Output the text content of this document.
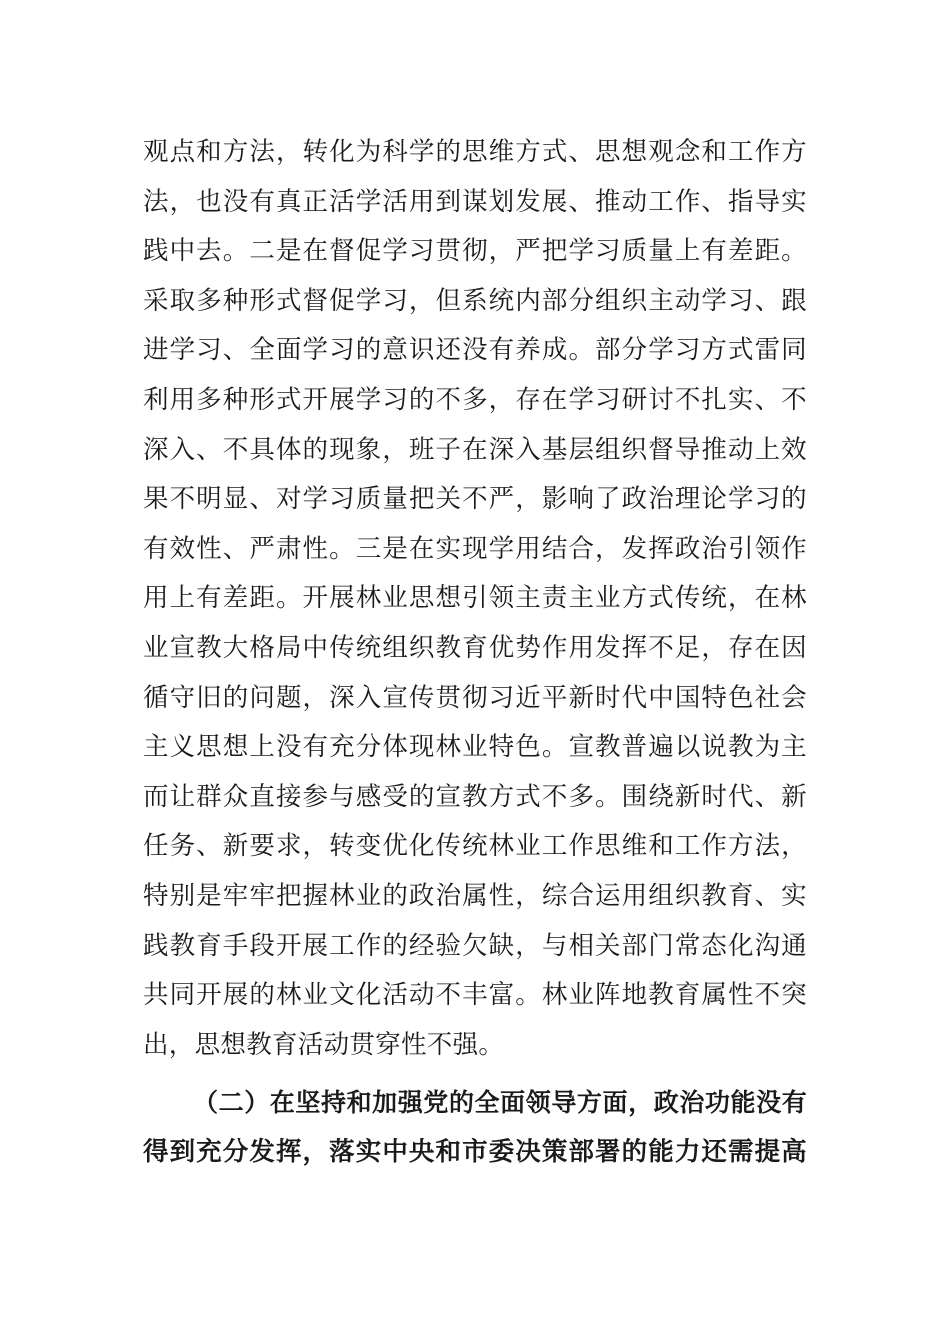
观点和方法，转化为科学的思维方式、思想观念和工作方
法，也没有真正活学活用到谋划发展、推动工作、指导实
践中去。二是在督促学习贯彻，严把学习质量上有差距。
采取多种形式督促学习，但系统内部分组织主动学习、跟
进学习、全面学习的意识还没有养成。部分学习方式雷同
利用多种形式开展学习的不多，存在学习研讨不扎实、不
深入、不具体的现象，班子在深入基层组织督导推动上效
果不明显、对学习质量把关不严，影响了政治理论学习的
有效性、严肃性。三是在实现学用结合，发挥政治引领作
用上有差距。开展林业思想引领主责主业方式传统，在林
业宣教大格局中传统组织教育优势作用发挥不足，存在因
循守旧的问题，深入宣传贯彻习近平新时代中国特色社会
主义思想上没有充分体现林业特色。宣教普遍以说教为主
而让群众直接参与感受的宣教方式不多。围绕新时代、新
任务、新要求，转变优化传统林业工作思维和工作方法，
特别是牢牢把握林业的政治属性，综合运用组织教育、实
践教育手段开展工作的经验欠缺，与相关部门常态化沟通
共同开展的林业文化活动不丰富。林业阵地教育属性不突
出，思想教育活动贯穿性不强。
（二）在坚持和加强党的全面领导方面，政治功能没有
得到充分发挥，落实中央和市委决策部署的能力还需提高
